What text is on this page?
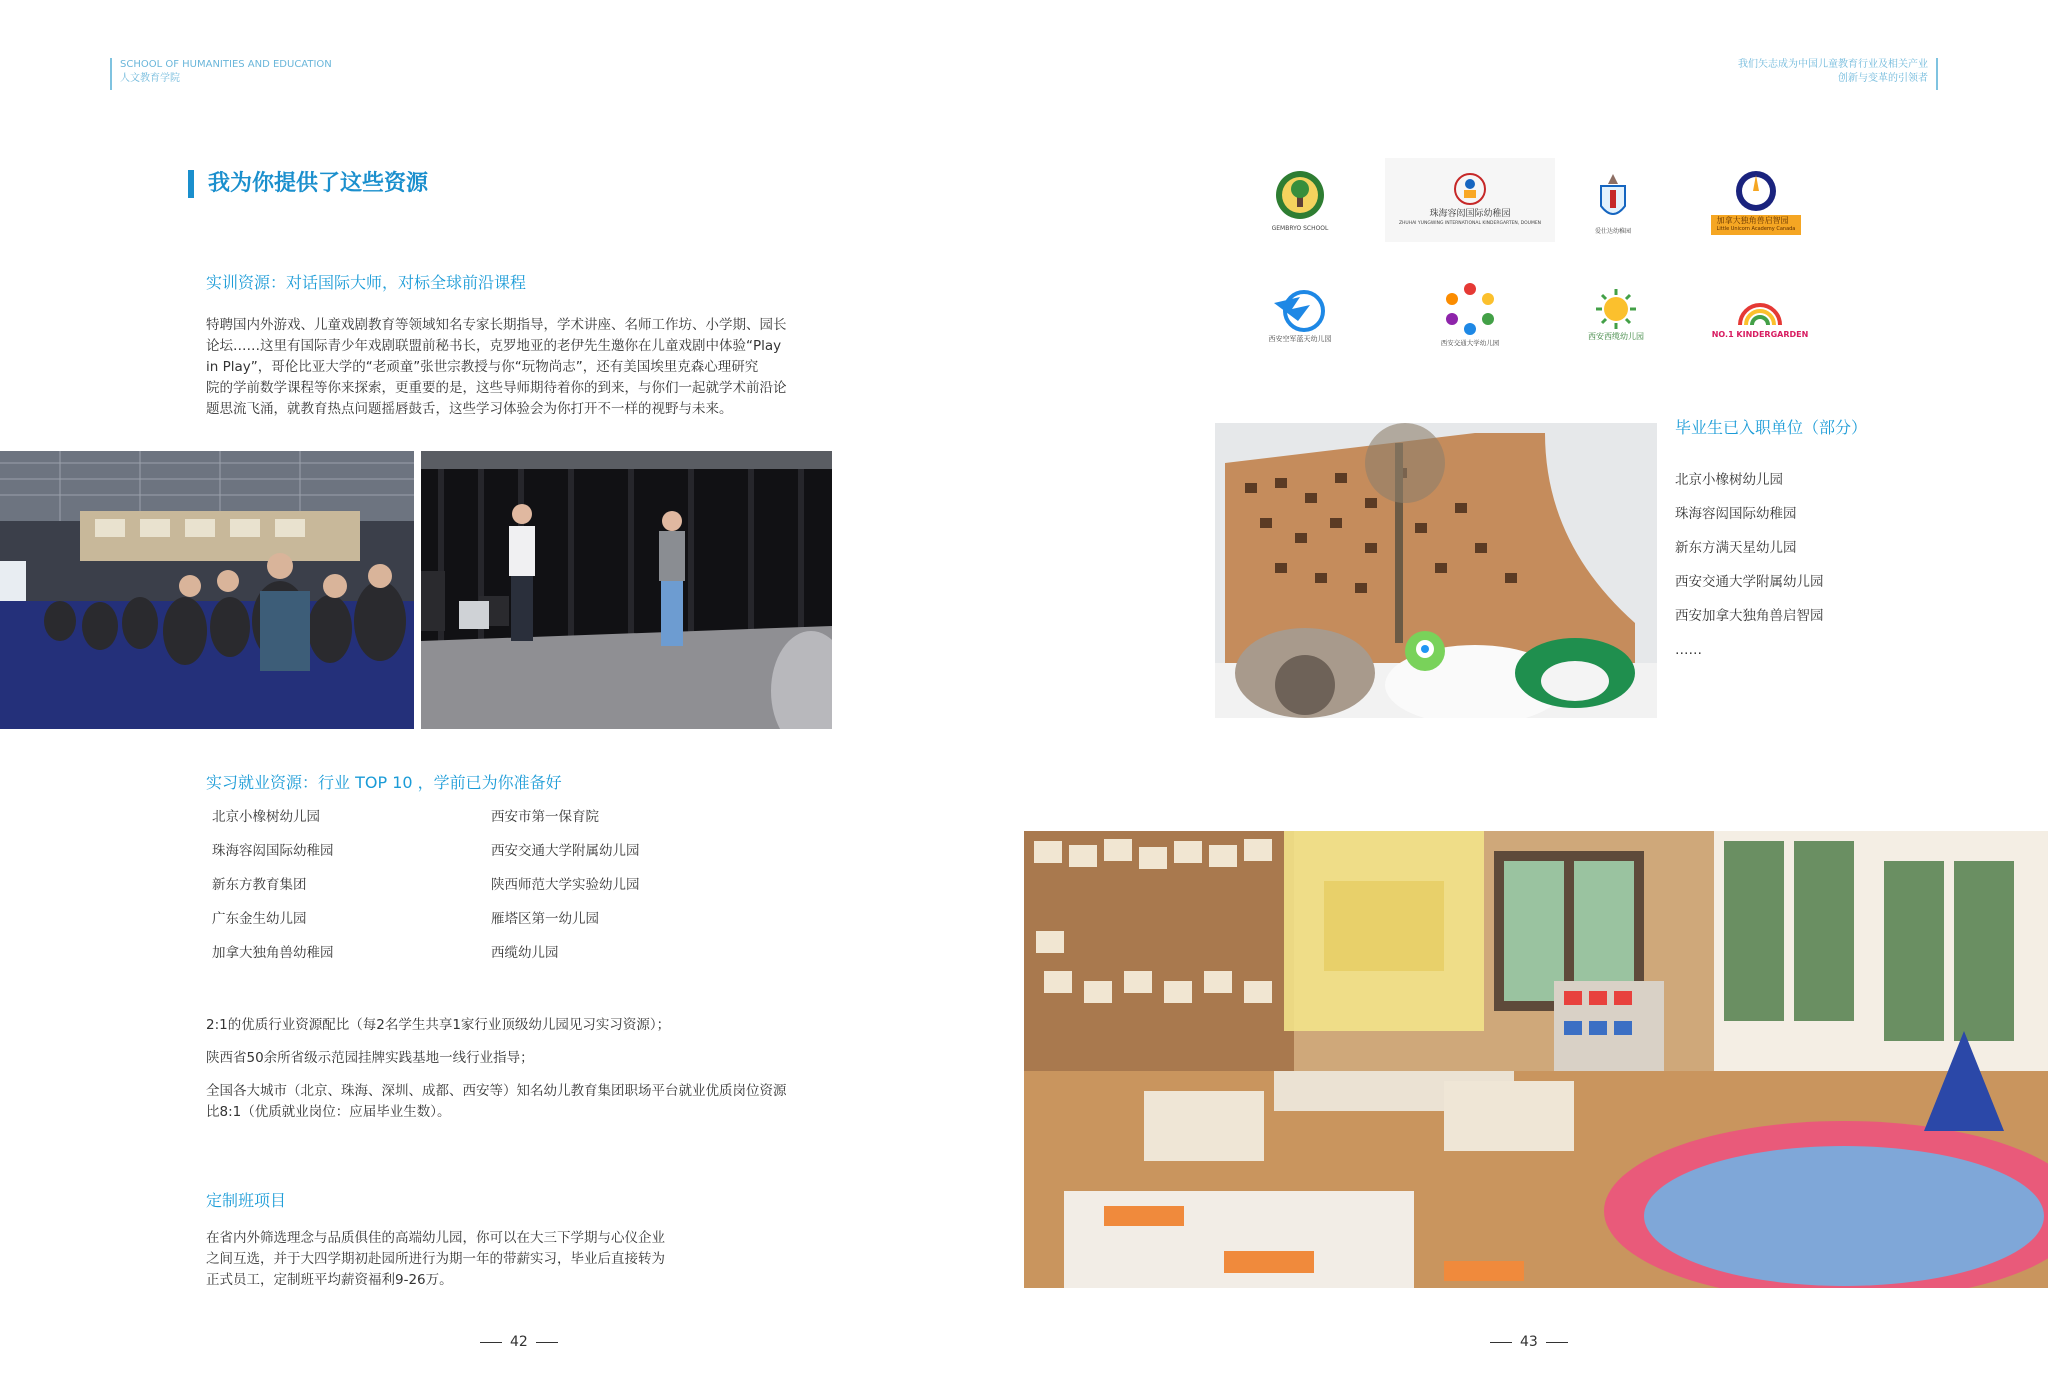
SCHOOL OF HUMANITIES AND EDUCATION
人文教育学院
我们矢志成为中国儿童教育行业及相关产业
创新与变革的引领者
我为你提供了这些资源
实训资源：对话国际大师，对标全球前沿课程
特聘国内外游戏、儿童戏剧教育等领域知名专家长期指导，学术讲座、名师工作坊、小学期、园长
论坛……这里有国际青少年戏剧联盟前秘书长，克罗地亚的老伊先生邀你在儿童戏剧中体验“Play
in Play”，哥伦比亚大学的“老顽童”张世宗教授与你“玩物尚志”，还有美国埃里克森心理研究
院的学前数学课程等你来探索，更重要的是，这些导师期待着你的到来，与你们一起就学术前沿论
题思流飞涌，就教育热点问题摇唇鼓舌，这些学习体验会为你打开不一样的视野与未来。
实习就业资源：行业 TOP 10 ，学前已为你准备好
北京小橡树幼儿园
珠海容闳国际幼稚园
新东方教育集团
广东金生幼儿园
加拿大独角兽幼稚园
西安市第一保育院
西安交通大学附属幼儿园
陕西师范大学实验幼儿园
雁塔区第一幼儿园
西缆幼儿园
2:1的优质行业资源配比（每2名学生共享1家行业顶级幼儿园见习实习资源）；
陕西省50余所省级示范园挂牌实践基地一线行业指导；
全国各大城市（北京、珠海、深圳、成都、西安等）知名幼儿教育集团职场平台就业优质岗位资源
比8:1（优质就业岗位：应届毕业生数）。
定制班项目
在省内外筛选理念与品质俱佳的高端幼儿园，你可以在大三下学期与心仪企业
之间互选，并于大四学期初赴园所进行为期一年的带薪实习，毕业后直接转为
正式员工，定制班平均薪资福利9-26万。
42
GEMBRYO SCHOOL
珠海容闳国际幼稚园
ZHUHAI YUNGWING INTERNATIONAL KINDERGARTEN, DOUMEN
爱仕达幼稚园
加拿大独角兽启智园
Little Unicorn Academy Canada
西安空军蓝天幼儿园	西安交通大学幼儿园
西安西缆幼儿园	NO.1 KINDERGARDEN
毕业生已入职单位（部分）
北京小橡树幼儿园
珠海容闳国际幼稚园
新东方满天星幼儿园
西安交通大学附属幼儿园
西安加拿大独角兽启智园
……
43
